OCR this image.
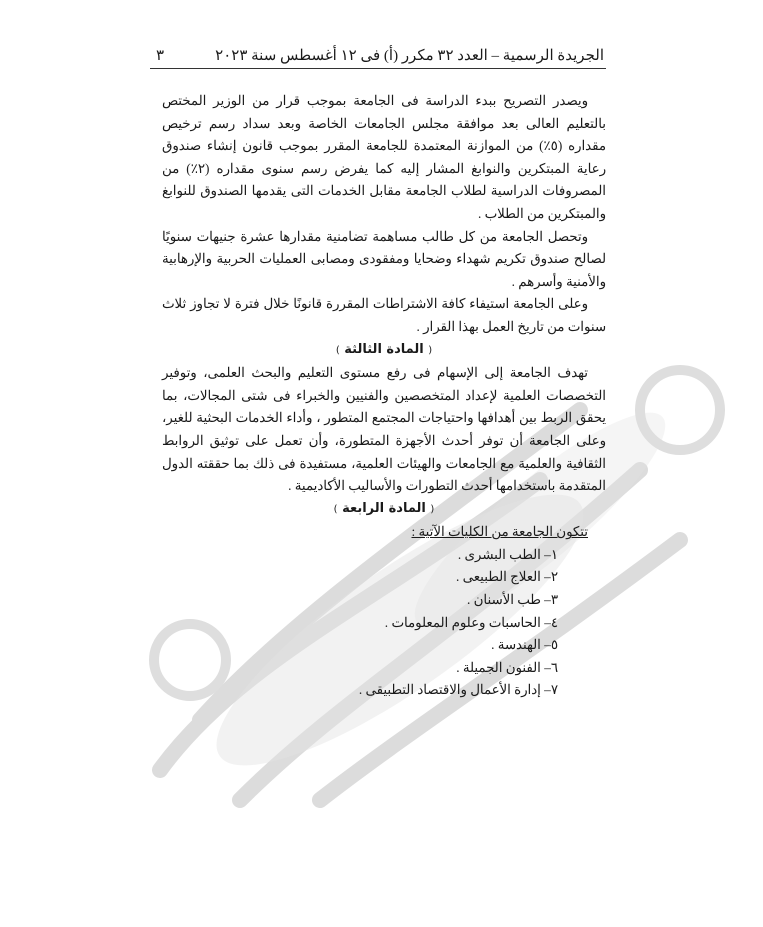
الجريدة الرسمية – العدد ٣٢ مكرر (أ) فى ١٢ أغسطس سنة ٢٠٢٣
٣

ويصدر التصريح ببدء الدراسة فى الجامعة بموجب قرار من الوزير المختص بالتعليم العالى بعد موافقة مجلس الجامعات الخاصة وبعد سداد رسم ترخيص مقداره (٥٪) من الموازنة المعتمدة للجامعة المقرر بموجب قانون إنشاء صندوق رعاية المبتكرين والنوابغ المشار إليه كما يفرض رسم سنوى مقداره (٢٪) من المصروفات الدراسية لطلاب الجامعة مقابل الخدمات التى يقدمها الصندوق للنوابغ والمبتكرين من الطلاب .

وتحصل الجامعة من كل طالب مساهمة تضامنية مقدارها عشرة جنيهات سنويًا لصالح صندوق تكريم شهداء وضحايا ومفقودى ومصابى العمليات الحربية والإرهابية والأمنية وأسرهم .

وعلى الجامعة استيفاء كافة الاشتراطات المقررة قانونًا خلال فترة لا تجاوز ثلاث سنوات من تاريخ العمل بهذا القرار .

( المادة الثالثة )

تهدف الجامعة إلى الإسهام فى رفع مستوى التعليم والبحث العلمى، وتوفير التخصصات العلمية لإعداد المتخصصين والفنيين والخبراء فى شتى المجالات، بما يحقق الربط بين أهدافها واحتياجات المجتمع المتطور ، وأداء الخدمات البحثية للغير، وعلى الجامعة أن توفر أحدث الأجهزة المتطورة، وأن تعمل على توثيق الروابط الثقافية والعلمية مع الجامعات والهيئات العلمية، مستفيدة فى ذلك بما حققته الدول المتقدمة باستخدامها أحدث التطورات والأساليب الأكاديمية .

( المادة الرابعة )
تتكون الجامعة من الكليات الآتية :
١– الطب البشرى .
٢– العلاج الطبيعى .
٣– طب الأسنان .
٤– الحاسبات وعلوم المعلومات .
٥– الهندسة .
٦– الفنون الجميلة .
٧– إدارة الأعمال والاقتصاد التطبيقى .
